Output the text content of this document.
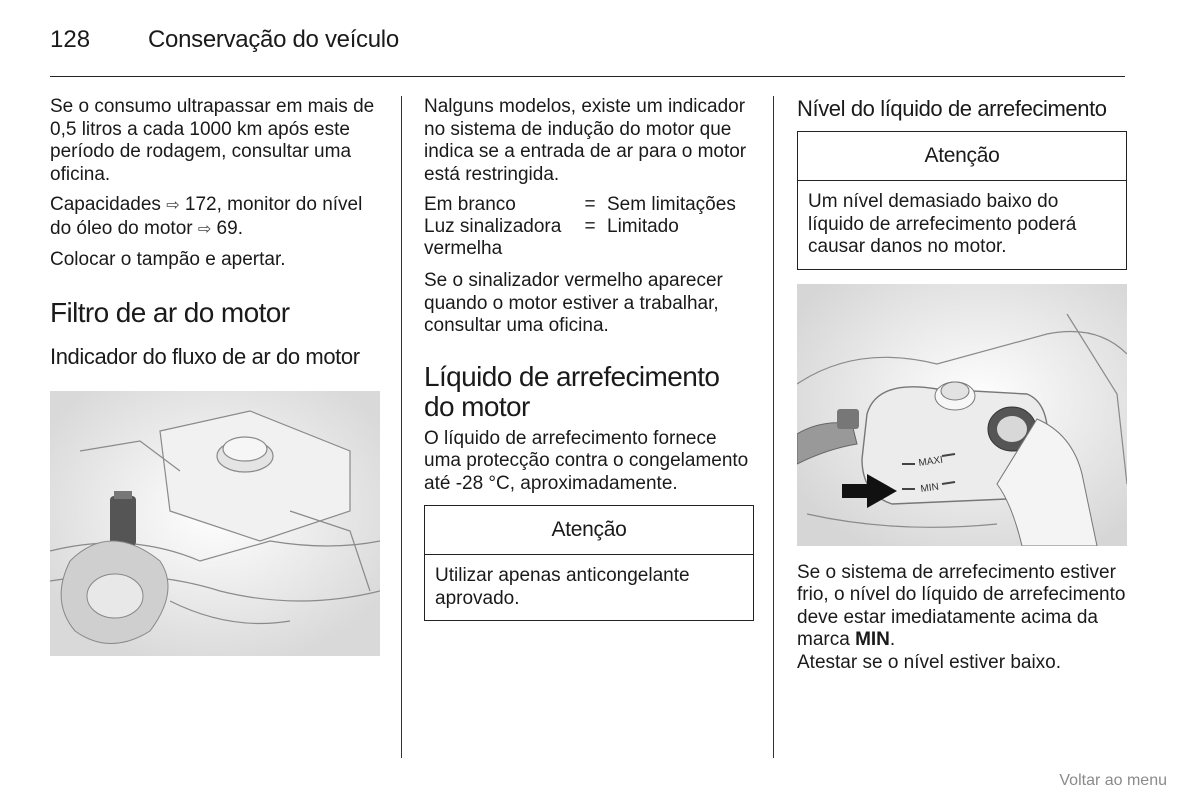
128 Conservação do veículo

Se o consumo ultrapassar em mais de 0,5 litros a cada 1000 km após este período de rodagem, consultar uma oficina.

Capacidades ⇨ 172, monitor do nível do óleo do motor ⇨ 69.

Colocar o tampão e apertar.

Filtro de ar do motor
Indicador do fluxo de ar do motor

Nalguns modelos, existe um indicador no sistema de indução do motor que indica se a entrada de ar para o motor está restringida.

Em branco	=	Sem limitações
Luz sinalizadora vermelha	=	Limitado

Se o sinalizador vermelho aparecer quando o motor estiver a trabalhar, consultar uma oficina.

Líquido de arrefecimento do motor

O líquido de arrefecimento fornece uma protecção contra o congelamento até -28 °C, aproximadamente.

Atenção
Utilizar apenas anticongelante aprovado.
Nível do líquido de arrefecimento
Atenção
Um nível demasiado baixo do líquido de arrefecimento poderá causar danos no motor.
MAXI
MIN

Se o sistema de arrefecimento estiver frio, o nível do líquido de arrefecimento deve estar imediatamente acima da marca MIN.

Atestar se o nível estiver baixo.

Voltar ao menu
